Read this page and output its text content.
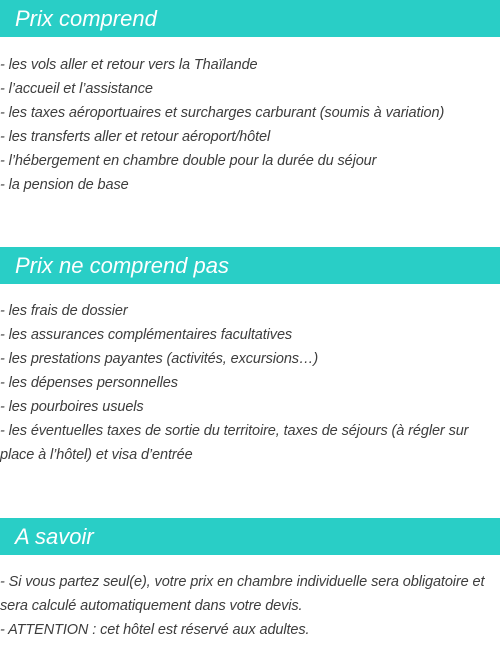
Prix comprend
- les vols aller et retour vers la Thaïlande
- l’accueil et l’assistance
- les taxes aéroportuaires et surcharges carburant (soumis à variation)
- les transferts aller et retour aéroport/hôtel
- l’hébergement en chambre double pour la durée du séjour
- la pension de base
Prix ne comprend pas
- les frais de dossier
- les assurances complémentaires facultatives
- les prestations payantes (activités, excursions…)
- les dépenses personnelles
- les pourboires usuels
- les éventuelles taxes de sortie du territoire, taxes de séjours (à régler sur place à l’hôtel) et visa d’entrée
A savoir
- Si vous partez seul(e), votre prix en chambre individuelle sera obligatoire et sera calculé automatiquement dans votre devis.
- ATTENTION : cet hôtel est réservé aux adultes.
